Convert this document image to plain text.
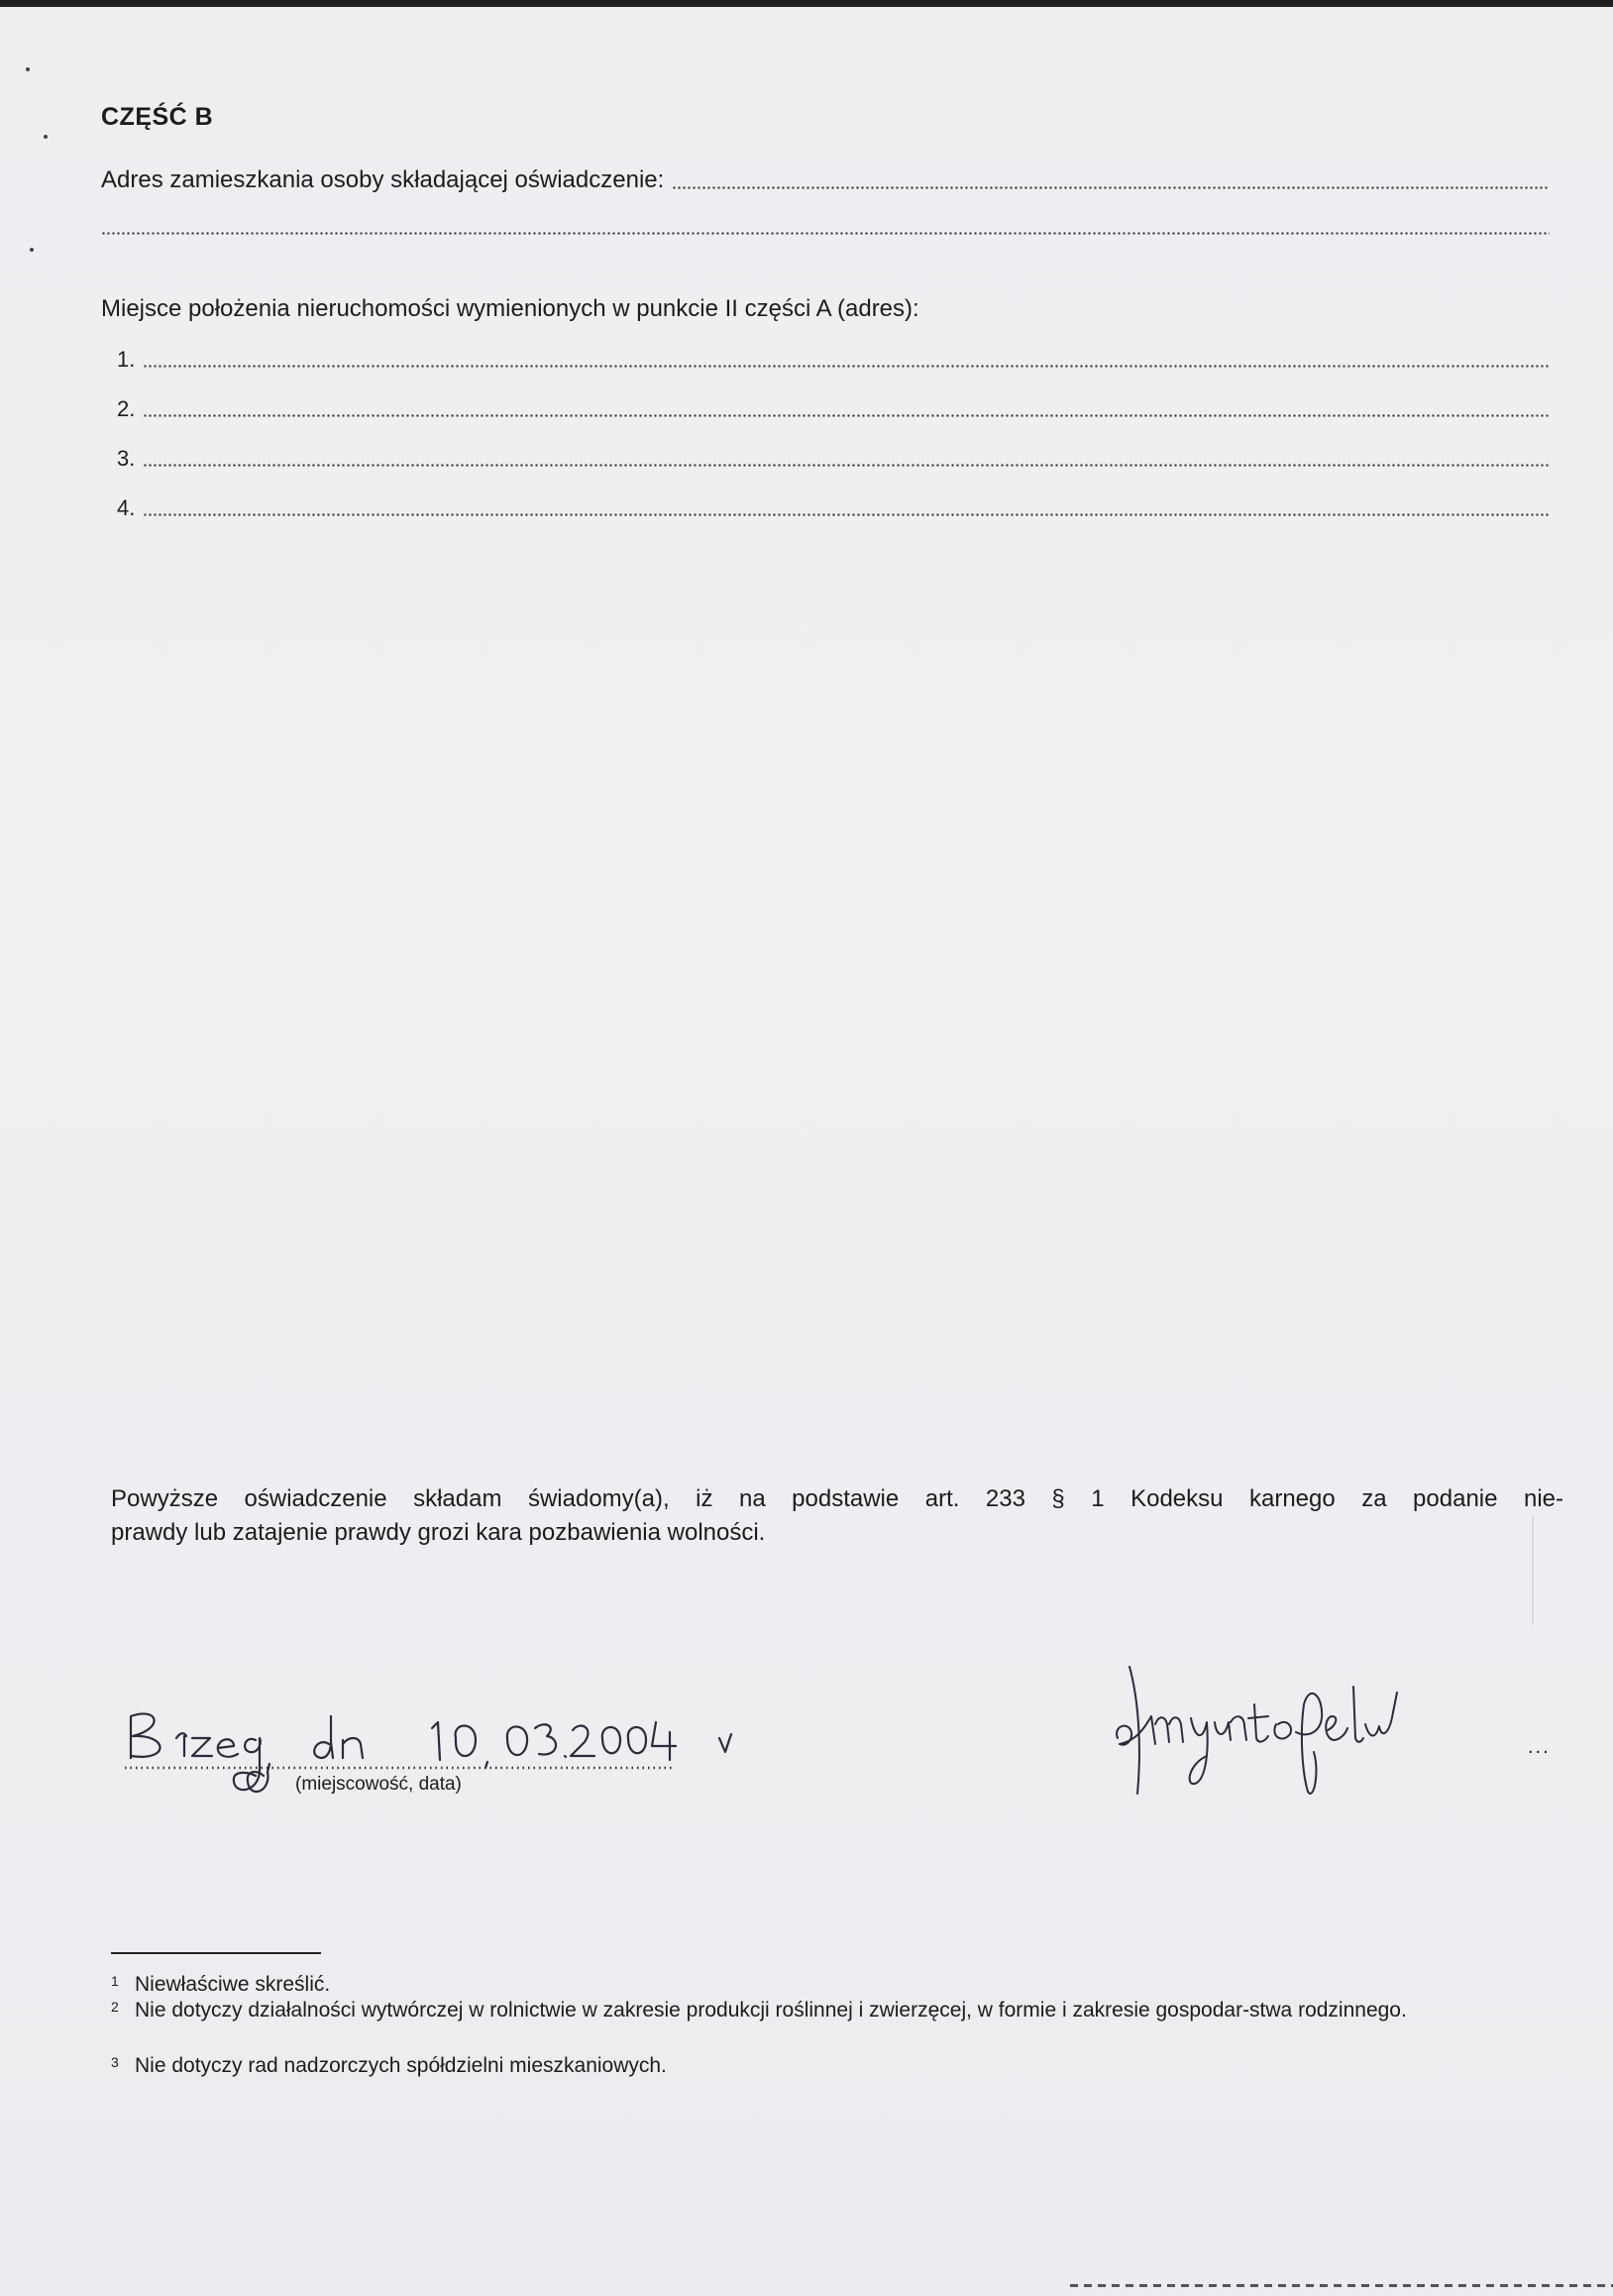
CZĘŚĆ B
Adres zamieszkania osoby składającej oświadczenie:
Miejsce położenia nieruchomości wymienionych w punkcie II części A (adres):
1.
2.
3.
4.
Powyższe oświadczenie składam świadomy(a), iż na podstawie art. 233 § 1 Kodeksu karnego za podanie nie-
prawdy lub zatajenie prawdy grozi kara pozbawienia wolności.
(miejscowość, data)
...
1 Niewłaściwe skreślić.
2 Nie dotyczy działalności wytwórczej w rolnictwie w zakresie produkcji roślinnej i zwierzęcej, w formie i zakresie gospodar-stwa rodzinnego.
3 Nie dotyczy rad nadzorczych spółdzielni mieszkaniowych.
